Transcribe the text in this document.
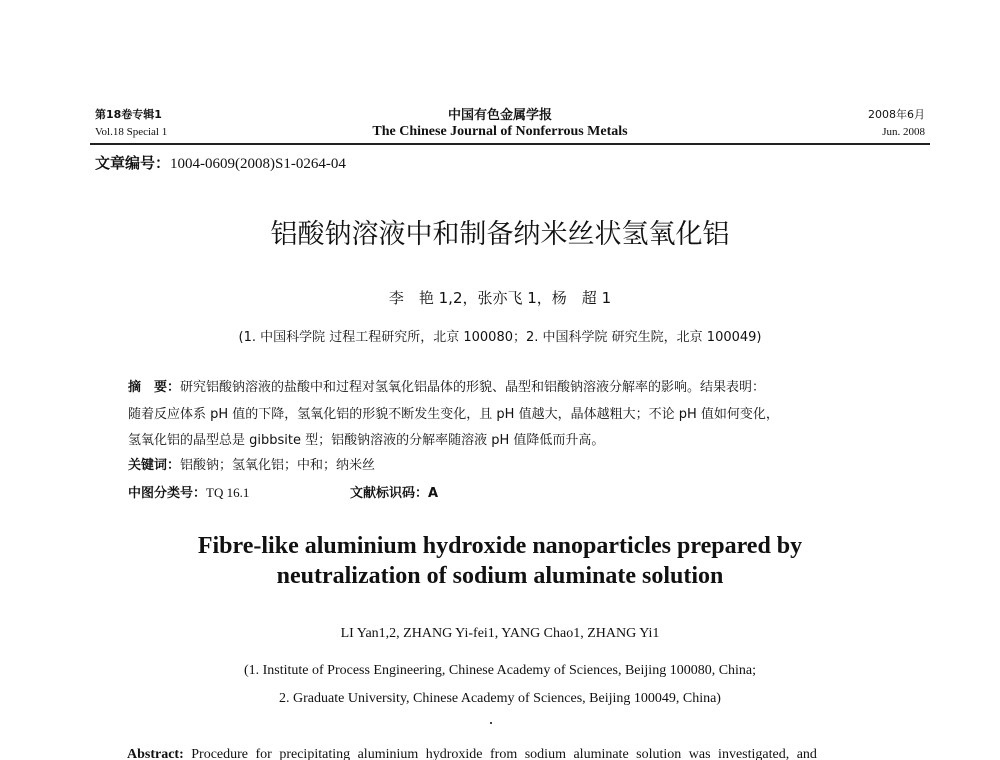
第18卷专辑1
Vol.18 Special 1
中国有色金属学报
The Chinese Journal of Nonferrous Metals
2008年6月
Jun. 2008
文章编号：1004-0609(2008)S1-0264-04
铝酸钠溶液中和制备纳米丝状氢氧化铝
李　艳 1,2，张亦飞 1，杨　超 1
(1. 中国科学院 过程工程研究所，北京 100080；2. 中国科学院 研究生院，北京 100049)
摘　要：研究铝酸钠溶液的盐酸中和过程对氢氧化铝晶体的形貌、晶型和铝酸钠溶液分解率的影响。结果表明：
随着反应体系 pH 值的下降，氢氧化铝的形貌不断发生变化，且 pH 值越大，晶体越粗大；不论 pH 值如何变化，
氢氧化铝的晶型总是 gibbsite 型；铝酸钠溶液的分解率随溶液 pH 值降低而升高。
关键词：铝酸钠；氢氧化铝；中和；纳米丝
中图分类号：TQ 16.1	文献标识码：A
Fibre-like aluminium hydroxide nanoparticles prepared by
neutralization of sodium aluminate solution
LI Yan1,2, ZHANG Yi-fei1, YANG Chao1, ZHANG Yi1
(1. Institute of Process Engineering, Chinese Academy of Sciences, Beijing 100080, China;
2. Graduate University, Chinese Academy of Sciences, Beijing 100049, China)
Abstract: Procedure for precipitating aluminium hydroxide from sodium aluminate solution was investigated, and
